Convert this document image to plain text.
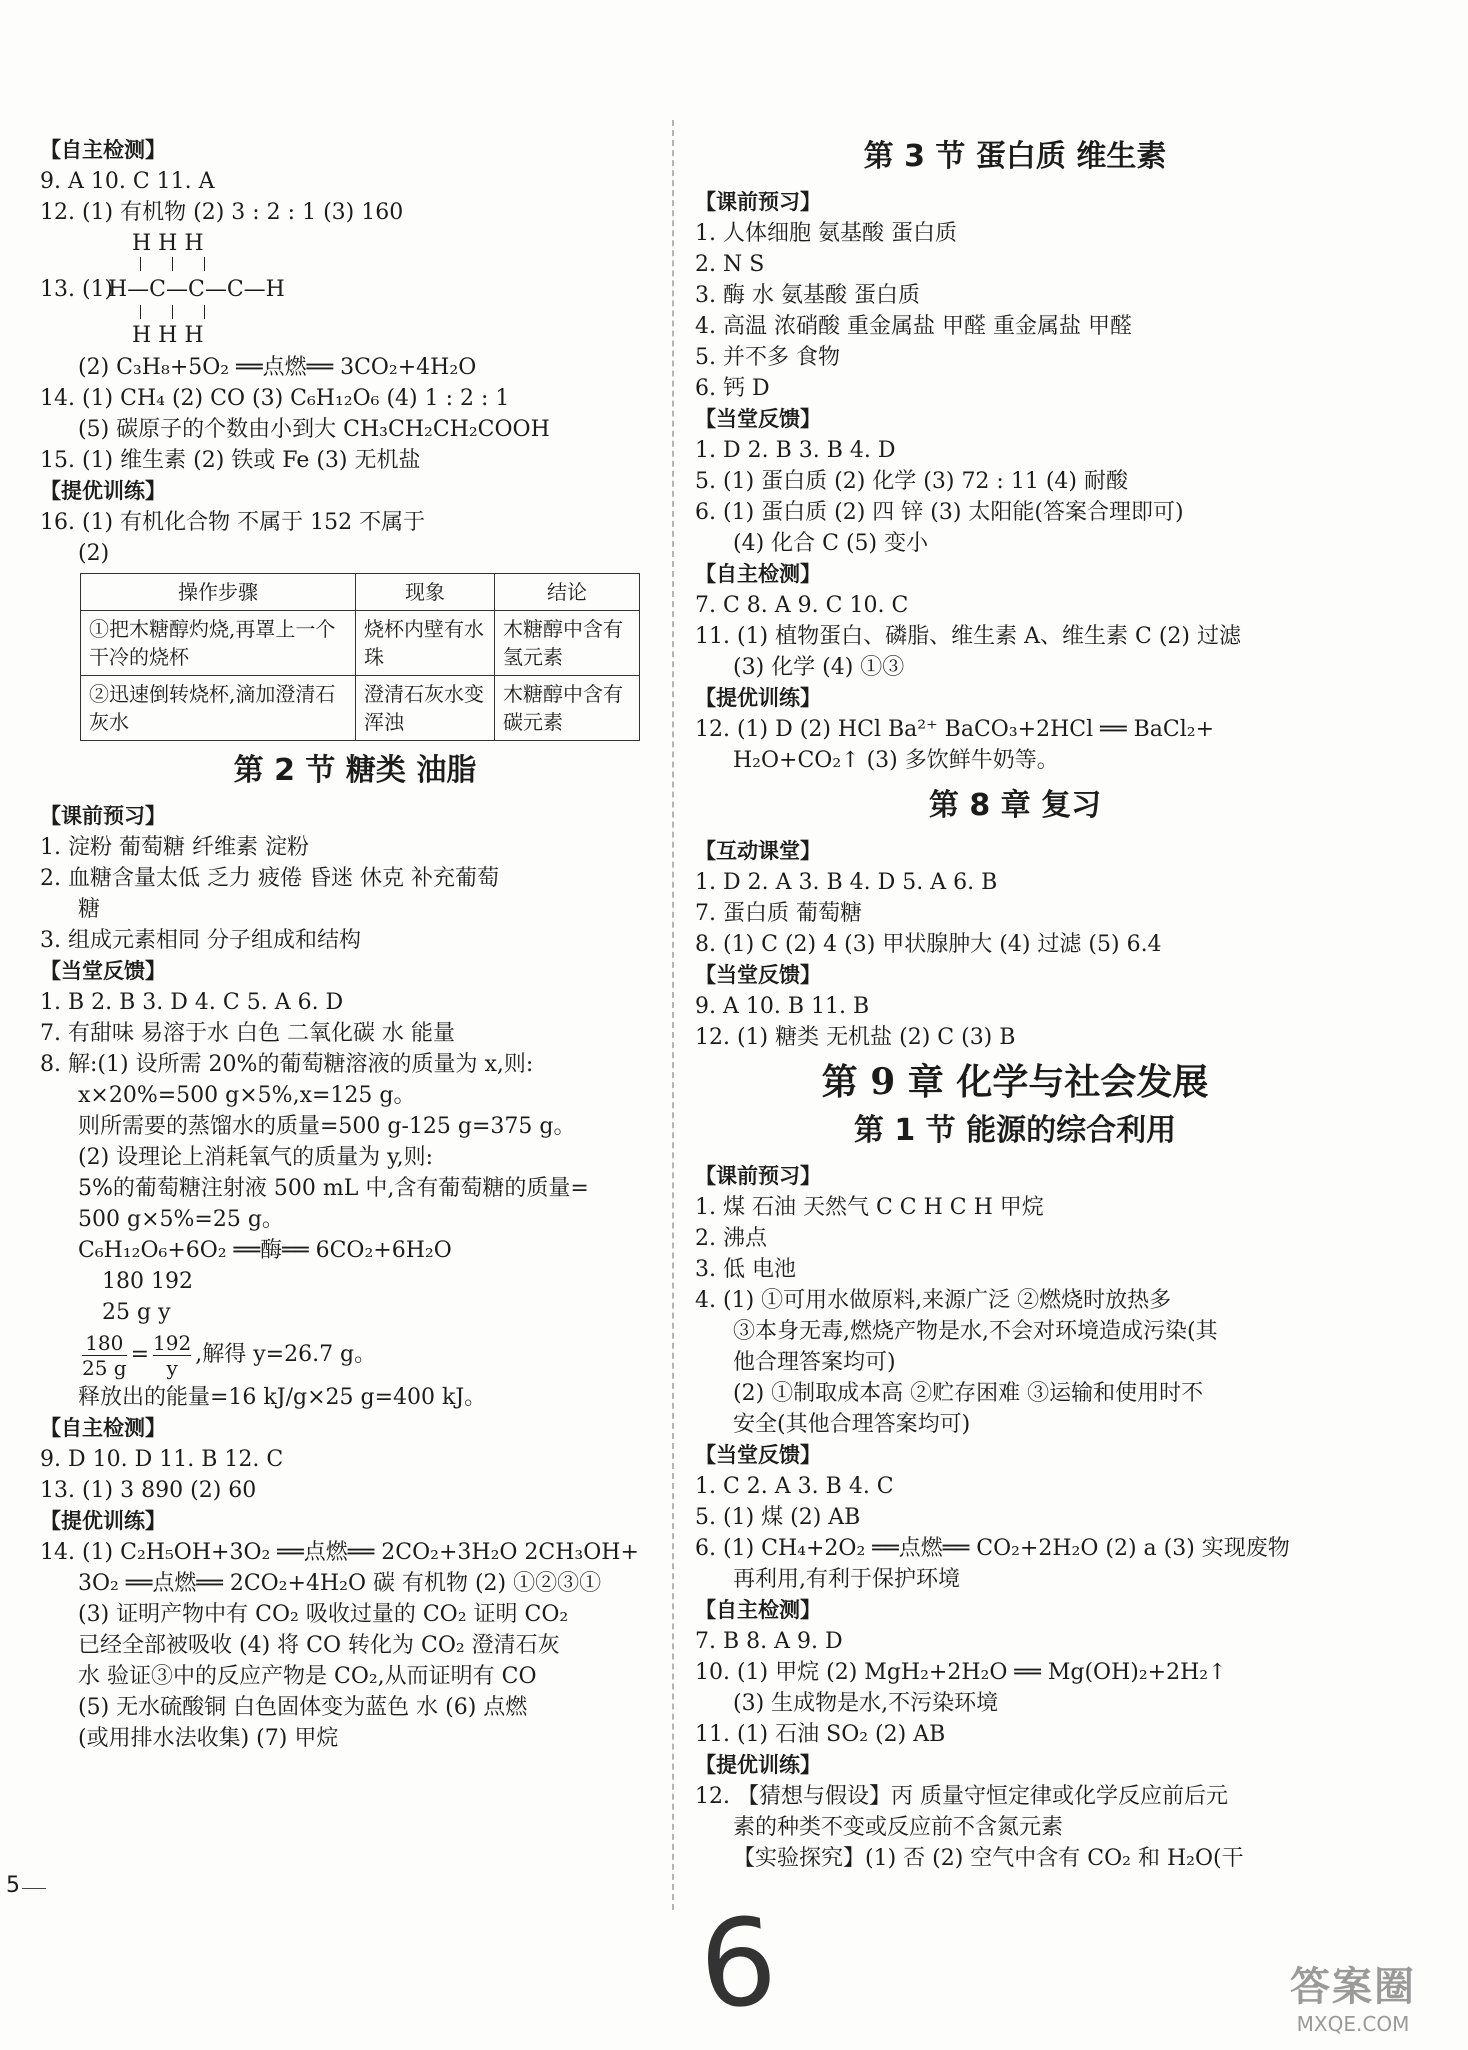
【自主检测】
9. A 10. C 11. A
12. (1) 有机物 (2) 3 : 2 : 1 (3) 160
H H H
13. (1)
H—C—C—C—H
H H H
(2) C₃H₈+5O₂ ══点燃══ 3CO₂+4H₂O
14. (1) CH₄ (2) CO (3) C₆H₁₂O₆ (4) 1 : 2 : 1
(5) 碳原子的个数由小到大 CH₃CH₂CH₂COOH
15. (1) 维生素 (2) 铁或 Fe (3) 无机盐
【提优训练】
16. (1) 有机化合物 不属于 152 不属于
(2)
操作步骤	现象	结论
①把木糖醇灼烧,再罩上一个干冷的烧杯	烧杯内壁有水珠	木糖醇中含有氢元素
②迅速倒转烧杯,滴加澄清石灰水	澄清石灰水变浑浊	木糖醇中含有碳元素
第 2 节 糖类 油脂
【课前预习】
1. 淀粉 葡萄糖 纤维素 淀粉
2. 血糖含量太低 乏力 疲倦 昏迷 休克 补充葡萄
糖
3. 组成元素相同 分子组成和结构
【当堂反馈】
1. B 2. B 3. D 4. C 5. A 6. D
7. 有甜味 易溶于水 白色 二氧化碳 水 能量
8. 解:(1) 设所需 20%的葡萄糖溶液的质量为 x,则:
x×20%=500 g×5%,x=125 g。
则所需要的蒸馏水的质量=500 g-125 g=375 g。
(2) 设理论上消耗氧气的质量为 y,则:
5%的葡萄糖注射液 500 mL 中,含有葡萄糖的质量=
500 g×5%=25 g。
C₆H₁₂O₆+6O₂ ══酶══ 6CO₂+6H₂O
180 192
25 g y
$\frac{180}{25 g} = \frac{192}{y}$ ,解得 y=26.7 g。
释放出的能量=16 kJ/g×25 g=400 kJ。
【自主检测】
9. D 10. D 11. B 12. C
13. (1) 3 890 (2) 60
【提优训练】
14. (1) C₂H₅OH+3O₂ ══点燃══ 2CO₂+3H₂O 2CH₃OH+
3O₂ ══点燃══ 2CO₂+4H₂O 碳 有机物 (2) ①②③①
(3) 证明产物中有 CO₂ 吸收过量的 CO₂ 证明 CO₂
已经全部被吸收 (4) 将 CO 转化为 CO₂ 澄清石灰
水 验证③中的反应产物是 CO₂,从而证明有 CO
(5) 无水硫酸铜 白色固体变为蓝色 水 (6) 点燃
(或用排水法收集) (7) 甲烷
第 3 节 蛋白质 维生素
【课前预习】
1. 人体细胞 氨基酸 蛋白质
2. N S
3. 酶 水 氨基酸 蛋白质
4. 高温 浓硝酸 重金属盐 甲醛 重金属盐 甲醛
5. 并不多 食物
6. 钙 D
【当堂反馈】
1. D 2. B 3. B 4. D
5. (1) 蛋白质 (2) 化学 (3) 72 : 11 (4) 耐酸
6. (1) 蛋白质 (2) 四 锌 (3) 太阳能(答案合理即可)
(4) 化合 C (5) 变小
【自主检测】
7. C 8. A 9. C 10. C
11. (1) 植物蛋白、磷脂、维生素 A、维生素 C (2) 过滤
(3) 化学 (4) ①③
【提优训练】
12. (1) D (2) HCl Ba²⁺ BaCO₃+2HCl ══ BaCl₂+
H₂O+CO₂↑ (3) 多饮鲜牛奶等。
第 8 章 复习
【互动课堂】
1. D 2. A 3. B 4. D 5. A 6. B
7. 蛋白质 葡萄糖
8. (1) C (2) 4 (3) 甲状腺肿大 (4) 过滤 (5) 6.4
【当堂反馈】
9. A 10. B 11. B
12. (1) 糖类 无机盐 (2) C (3) B
第 9 章 化学与社会发展
第 1 节 能源的综合利用
【课前预习】
1. 煤 石油 天然气 C C H C H 甲烷
2. 沸点
3. 低 电池
4. (1) ①可用水做原料,来源广泛 ②燃烧时放热多
③本身无毒,燃烧产物是水,不会对环境造成污染(其
他合理答案均可)
(2) ①制取成本高 ②贮存困难 ③运输和使用时不
安全(其他合理答案均可)
【当堂反馈】
1. C 2. A 3. B 4. C
5. (1) 煤 (2) AB
6. (1) CH₄+2O₂ ══点燃══ CO₂+2H₂O (2) a (3) 实现废物
再利用,有利于保护环境
【自主检测】
7. B 8. A 9. D
10. (1) 甲烷 (2) MgH₂+2H₂O ══ Mg(OH)₂+2H₂↑
(3) 生成物是水,不污染环境
11. (1) 石油 SO₂ (2) AB
【提优训练】
12. 【猜想与假设】丙 质量守恒定律或化学反应前后元
素的种类不变或反应前不含氮元素
【实验探究】(1) 否 (2) 空气中含有 CO₂ 和 H₂O(干
5
6	答案圈
MXQE.COM
